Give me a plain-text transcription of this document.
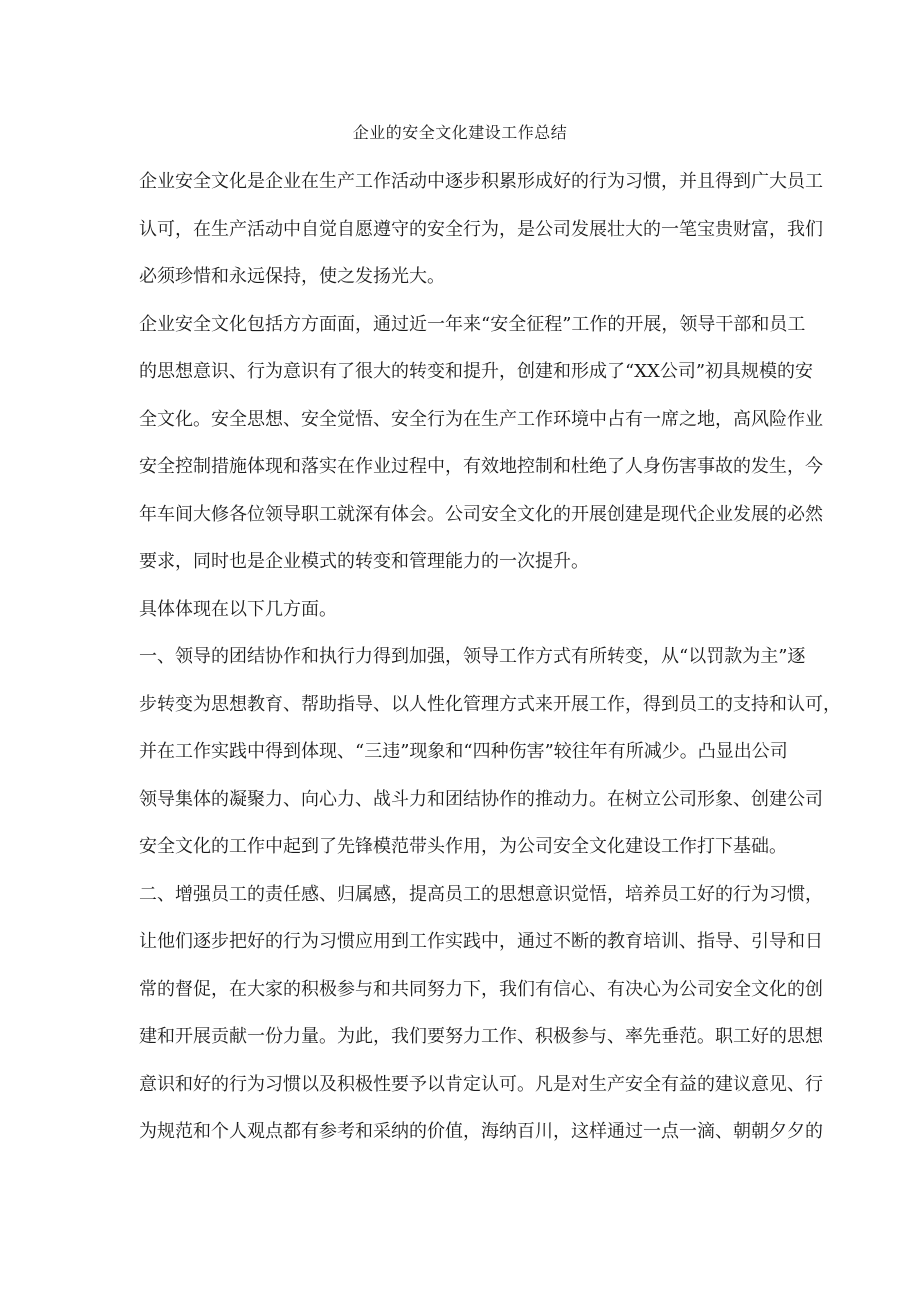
企业的安全文化建设工作总结

企业安全文化是企业在生产工作活动中逐步积累形成好的行为习惯，并且得到广大员工
认可，在生产活动中自觉自愿遵守的安全行为，是公司发展壮大的一笔宝贵财富，我们
必须珍惜和永远保持，使之发扬光大。

企业安全文化包括方方面面，通过近一年来“安全征程”工作的开展，领导干部和员工
的思想意识、行为意识有了很大的转变和提升，创建和形成了“XX公司”初具规模的安
全文化。安全思想、安全觉悟、安全行为在生产工作环境中占有一席之地，高风险作业
安全控制措施体现和落实在作业过程中，有效地控制和杜绝了人身伤害事故的发生，今
年车间大修各位领导职工就深有体会。公司安全文化的开展创建是现代企业发展的必然
要求，同时也是企业模式的转变和管理能力的一次提升。

具体体现在以下几方面。

一、领导的团结协作和执行力得到加强，领导工作方式有所转变，从“以罚款为主”逐
步转变为思想教育、帮助指导、以人性化管理方式来开展工作，得到员工的支持和认可，
并在工作实践中得到体现、“三违”现象和“四种伤害”较往年有所减少。凸显出公司
领导集体的凝聚力、向心力、战斗力和团结协作的推动力。在树立公司形象、创建公司
安全文化的工作中起到了先锋模范带头作用，为公司安全文化建设工作打下基础。

二、增强员工的责任感、归属感，提高员工的思想意识觉悟，培养员工好的行为习惯，
让他们逐步把好的行为习惯应用到工作实践中，通过不断的教育培训、指导、引导和日
常的督促，在大家的积极参与和共同努力下，我们有信心、有决心为公司安全文化的创
建和开展贡献一份力量。为此，我们要努力工作、积极参与、率先垂范。职工好的思想
意识和好的行为习惯以及积极性要予以肯定认可。凡是对生产安全有益的建议意见、行
为规范和个人观点都有参考和采纳的价值，海纳百川，这样通过一点一滴、朝朝夕夕的
